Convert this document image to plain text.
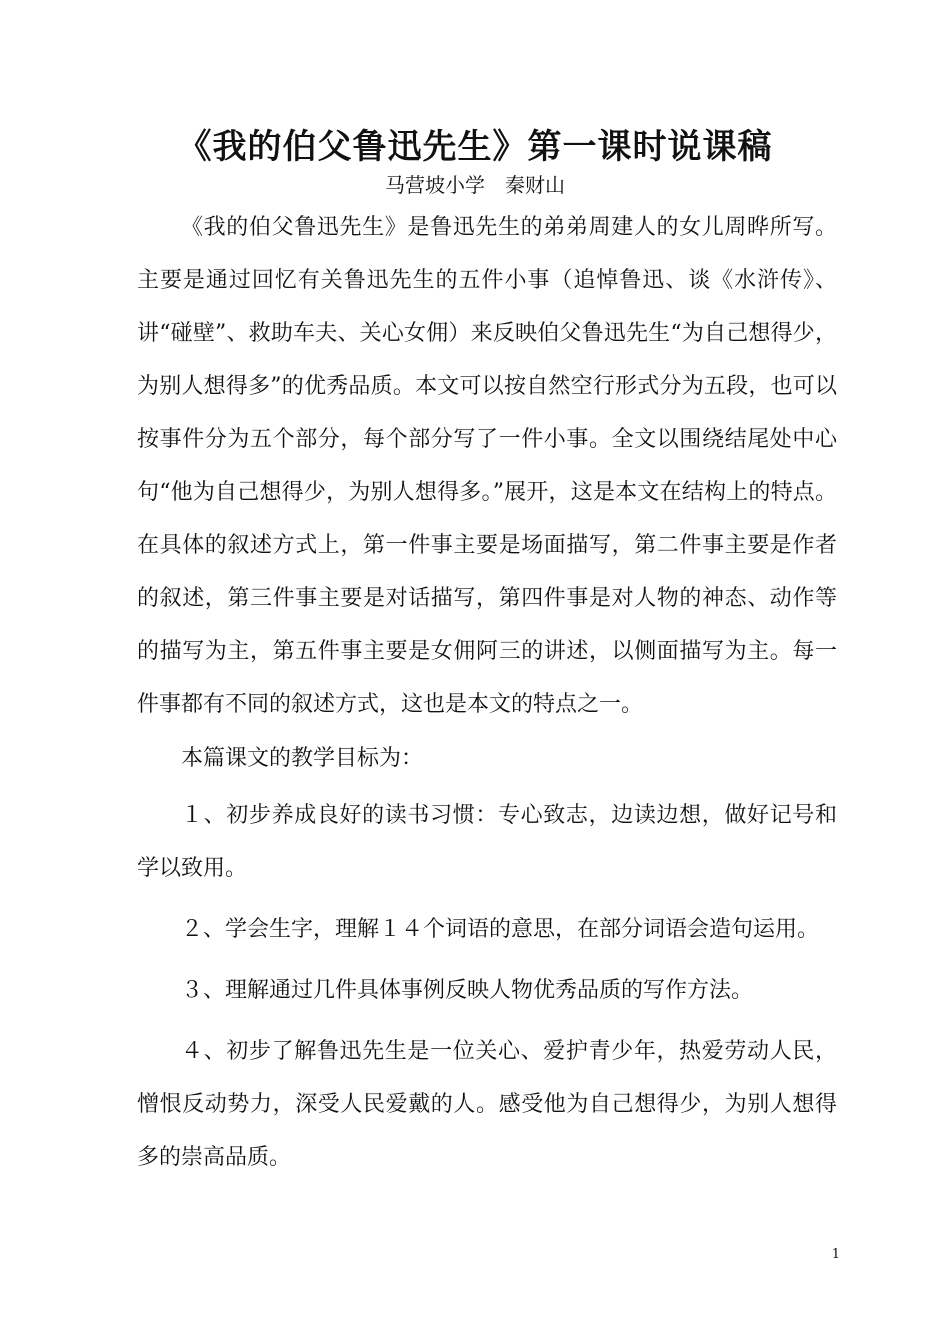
《我的伯父鲁迅先生》第一课时说课稿
马营坡小学　秦财山

《我的伯父鲁迅先生》是鲁迅先生的弟弟周建人的女儿周晔所写。主要是通过回忆有关鲁迅先生的五件小事（追悼鲁迅、谈《水浒传》、讲“碰壁”、救助车夫、关心女佣）来反映伯父鲁迅先生“为自己想得少，为别人想得多”的优秀品质。本文可以按自然空行形式分为五段，也可以按事件分为五个部分，每个部分写了一件小事。全文以围绕结尾处中心句“他为自己想得少，为别人想得多。”展开，这是本文在结构上的特点。在具体的叙述方式上，第一件事主要是场面描写，第二件事主要是作者的叙述，第三件事主要是对话描写，第四件事是对人物的神态、动作等的描写为主，第五件事主要是女佣阿三的讲述，以侧面描写为主。每一件事都有不同的叙述方式，这也是本文的特点之一。

本篇课文的教学目标为：

１、初步养成良好的读书习惯：专心致志，边读边想，做好记号和学以致用。

２、学会生字，理解１４个词语的意思，在部分词语会造句运用。

３、理解通过几件具体事例反映人物优秀品质的写作方法。

４、初步了解鲁迅先生是一位关心、爱护青少年，热爱劳动人民，憎恨反动势力，深受人民爱戴的人。感受他为自己想得少，为别人想得多的崇高品质。

1
